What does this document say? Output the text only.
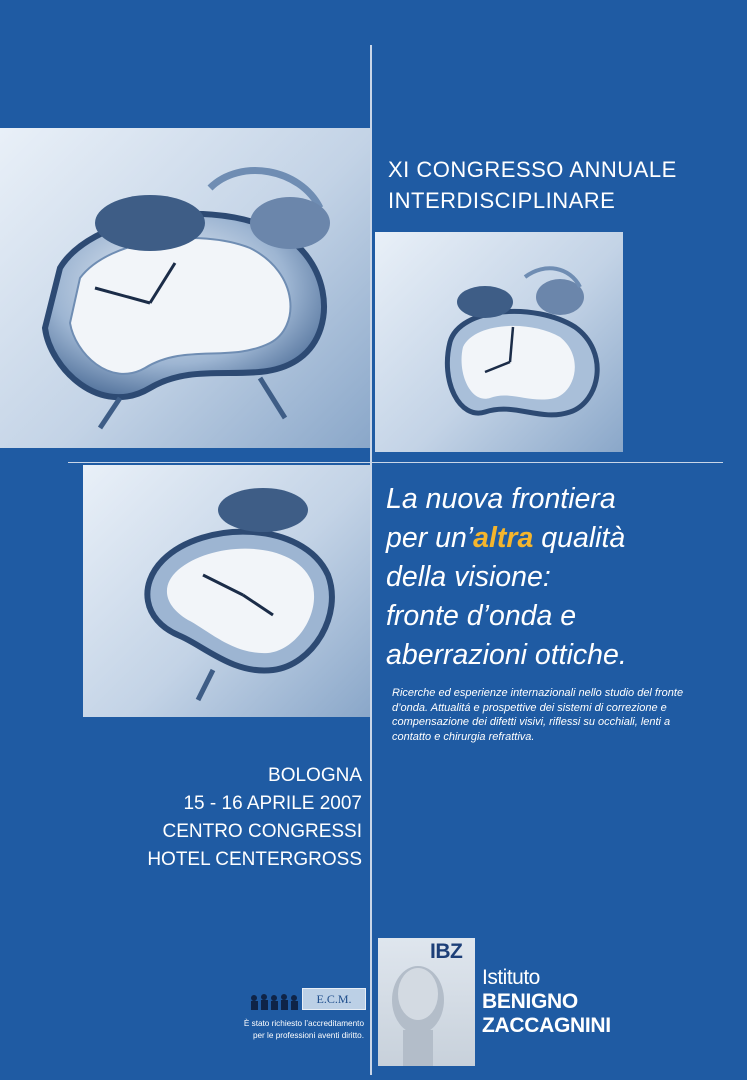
XI CONGRESSO ANNUALE
INTERDISCIPLINARE
La nuova frontiera
per un’altra qualità
della visione:
fronte d’onda e
aberrazioni ottiche.
Ricerche ed esperienze internazionali nello studio del fronte d’onda. Attualitá e prospettive dei sistemi di correzione e compensazione dei difetti visivi, riflessi su occhiali, lenti a contatto e chirurgia refrattiva.
BOLOGNA
15 - 16 APRILE 2007
CENTRO CONGRESSI
HOTEL CENTERGROSS
E.C.M.
È stato richiesto l’accreditamento
per le professioni aventi diritto.
IBZ
Istituto
BENIGNO
ZACCAGNINI
